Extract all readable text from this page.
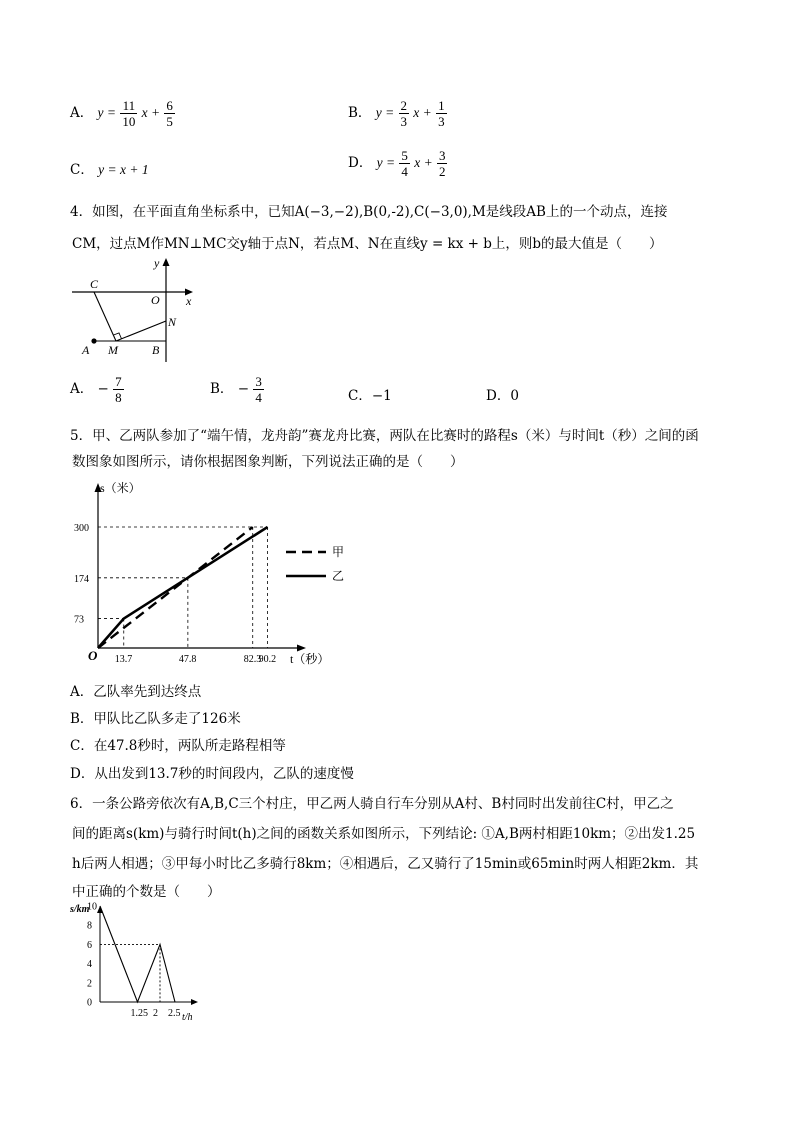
A． $y = \frac{11}{10}$ $x + \frac{6}{5}$	B． $y = \frac{2}{3}$ $x + \frac{1}{3}$
C． y = x + 1	D． $y = \frac{5}{4}$ $x + \frac{3}{2}$
4．如图，在平面直角坐标系中，已知A(−3,−2),B(0,-2),C(−3,0),M是线段AB上的一个动点，连接
CM，过点M作MN⊥MC交y轴于点N，若点M、N在直线y = kx + b上，则b的最大值是（　　）
y
x
O
C
N
A M	B
A． − $\frac{7}{8}$	B． − $\frac{3}{4}$	C．−1	D．0
5．甲、乙两队参加了“端午情，龙舟韵”赛龙舟比赛，两队在比赛时的路程s（米）与时间t（秒）之间的函
数图象如图所示，请你根据图象判断，下列说法正确的是（　　）
13.7	47.8	82.3
90.2
73
174
300
s（米）
t（秒）
O
甲
乙
A．乙队率先到达终点
B．甲队比乙队多走了126米
C．在47.8秒时，两队所走路程相等
D．从出发到13.7秒的时间段内，乙队的速度慢
6．一条公路旁依次有A,B,C三个村庄，甲乙两人骑自行车分别从A村、B村同时出发前往C村，甲乙之
间的距离s(km)与骑行时间t(h)之间的函数关系如图所示，下列结论: ①A,B两村相距10km；②出发1.25
h后两人相遇；③甲每小时比乙多骑行8km；④相遇后，乙又骑行了15min或65min时两人相距2km．其
中正确的个数是（　　）
0
2
4
6
8
10
1.25 2 2.5
s/km
t/h
